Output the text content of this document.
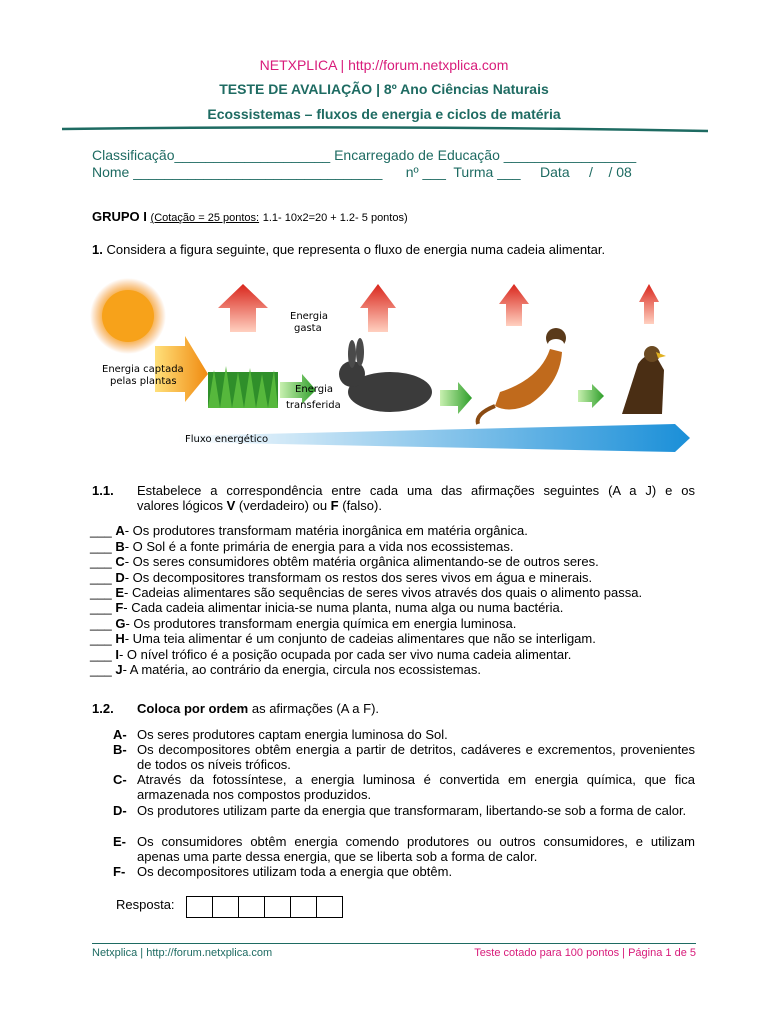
NETXPLICA | http://forum.netxplica.com
TESTE DE AVALIAÇÃO | 8º Ano Ciências Naturais
Ecossistemas – fluxos de energia e ciclos de matéria
Classificação____________________ Encarregado de Educação _________________
Nome ________________________________      nº ___  Turma ___     Data     /    / 08
GRUPO I (Cotação = 25 pontos: 1.1- 10x2=20 + 1.2- 5 pontos)
1. Considera a figura seguinte, que representa o fluxo de energia numa cadeia alimentar.
Energia
gasta
Energia captada
pelas plantas
Energia
transferida
Fluxo energético
1.1. Estabelece a correspondência entre cada uma das afirmações seguintes (A a J) e os
valores lógicos V (verdadeiro) ou F (falso).
___ A- Os produtores transformam matéria inorgânica em matéria orgânica.
___ B- O Sol é a fonte primária de energia para a vida nos ecossistemas.
___ C- Os seres consumidores obtêm matéria orgânica alimentando-se de outros seres.
___ D- Os decompositores transformam os restos dos seres vivos em água e minerais.
___ E- Cadeias alimentares são sequências de seres vivos através dos quais o alimento passa.
___ F- Cada cadeia alimentar inicia-se numa planta, numa alga ou numa bactéria.
___ G- Os produtores transformam energia química em energia luminosa.
___ H- Uma teia alimentar é um conjunto de cadeias alimentares que não se interligam.
___ I- O nível trófico é a posição ocupada por cada ser vivo numa cadeia alimentar.
___ J- A matéria, ao contrário da energia, circula nos ecossistemas.
1.2. Coloca por ordem as afirmações (A a F).
A- Os seres produtores captam energia luminosa do Sol.
B- Os decompositores obtêm energia a partir de detritos, cadáveres e excrementos, provenientes de todos os níveis tróficos.
C- Através da fotossíntese, a energia luminosa é convertida em energia química, que fica armazenada nos compostos produzidos.
D- Os produtores utilizam parte da energia que transformaram, libertando-se sob a forma de calor.
E- Os consumidores obtêm energia comendo produtores ou outros consumidores, e utilizam apenas uma parte dessa energia, que se liberta sob a forma de calor.
F- Os decompositores utilizam toda a energia que obtêm.
Resposta:
Netxplica | http://forum.netxplica.com	Teste cotado para 100 pontos | Página 1 de 5
